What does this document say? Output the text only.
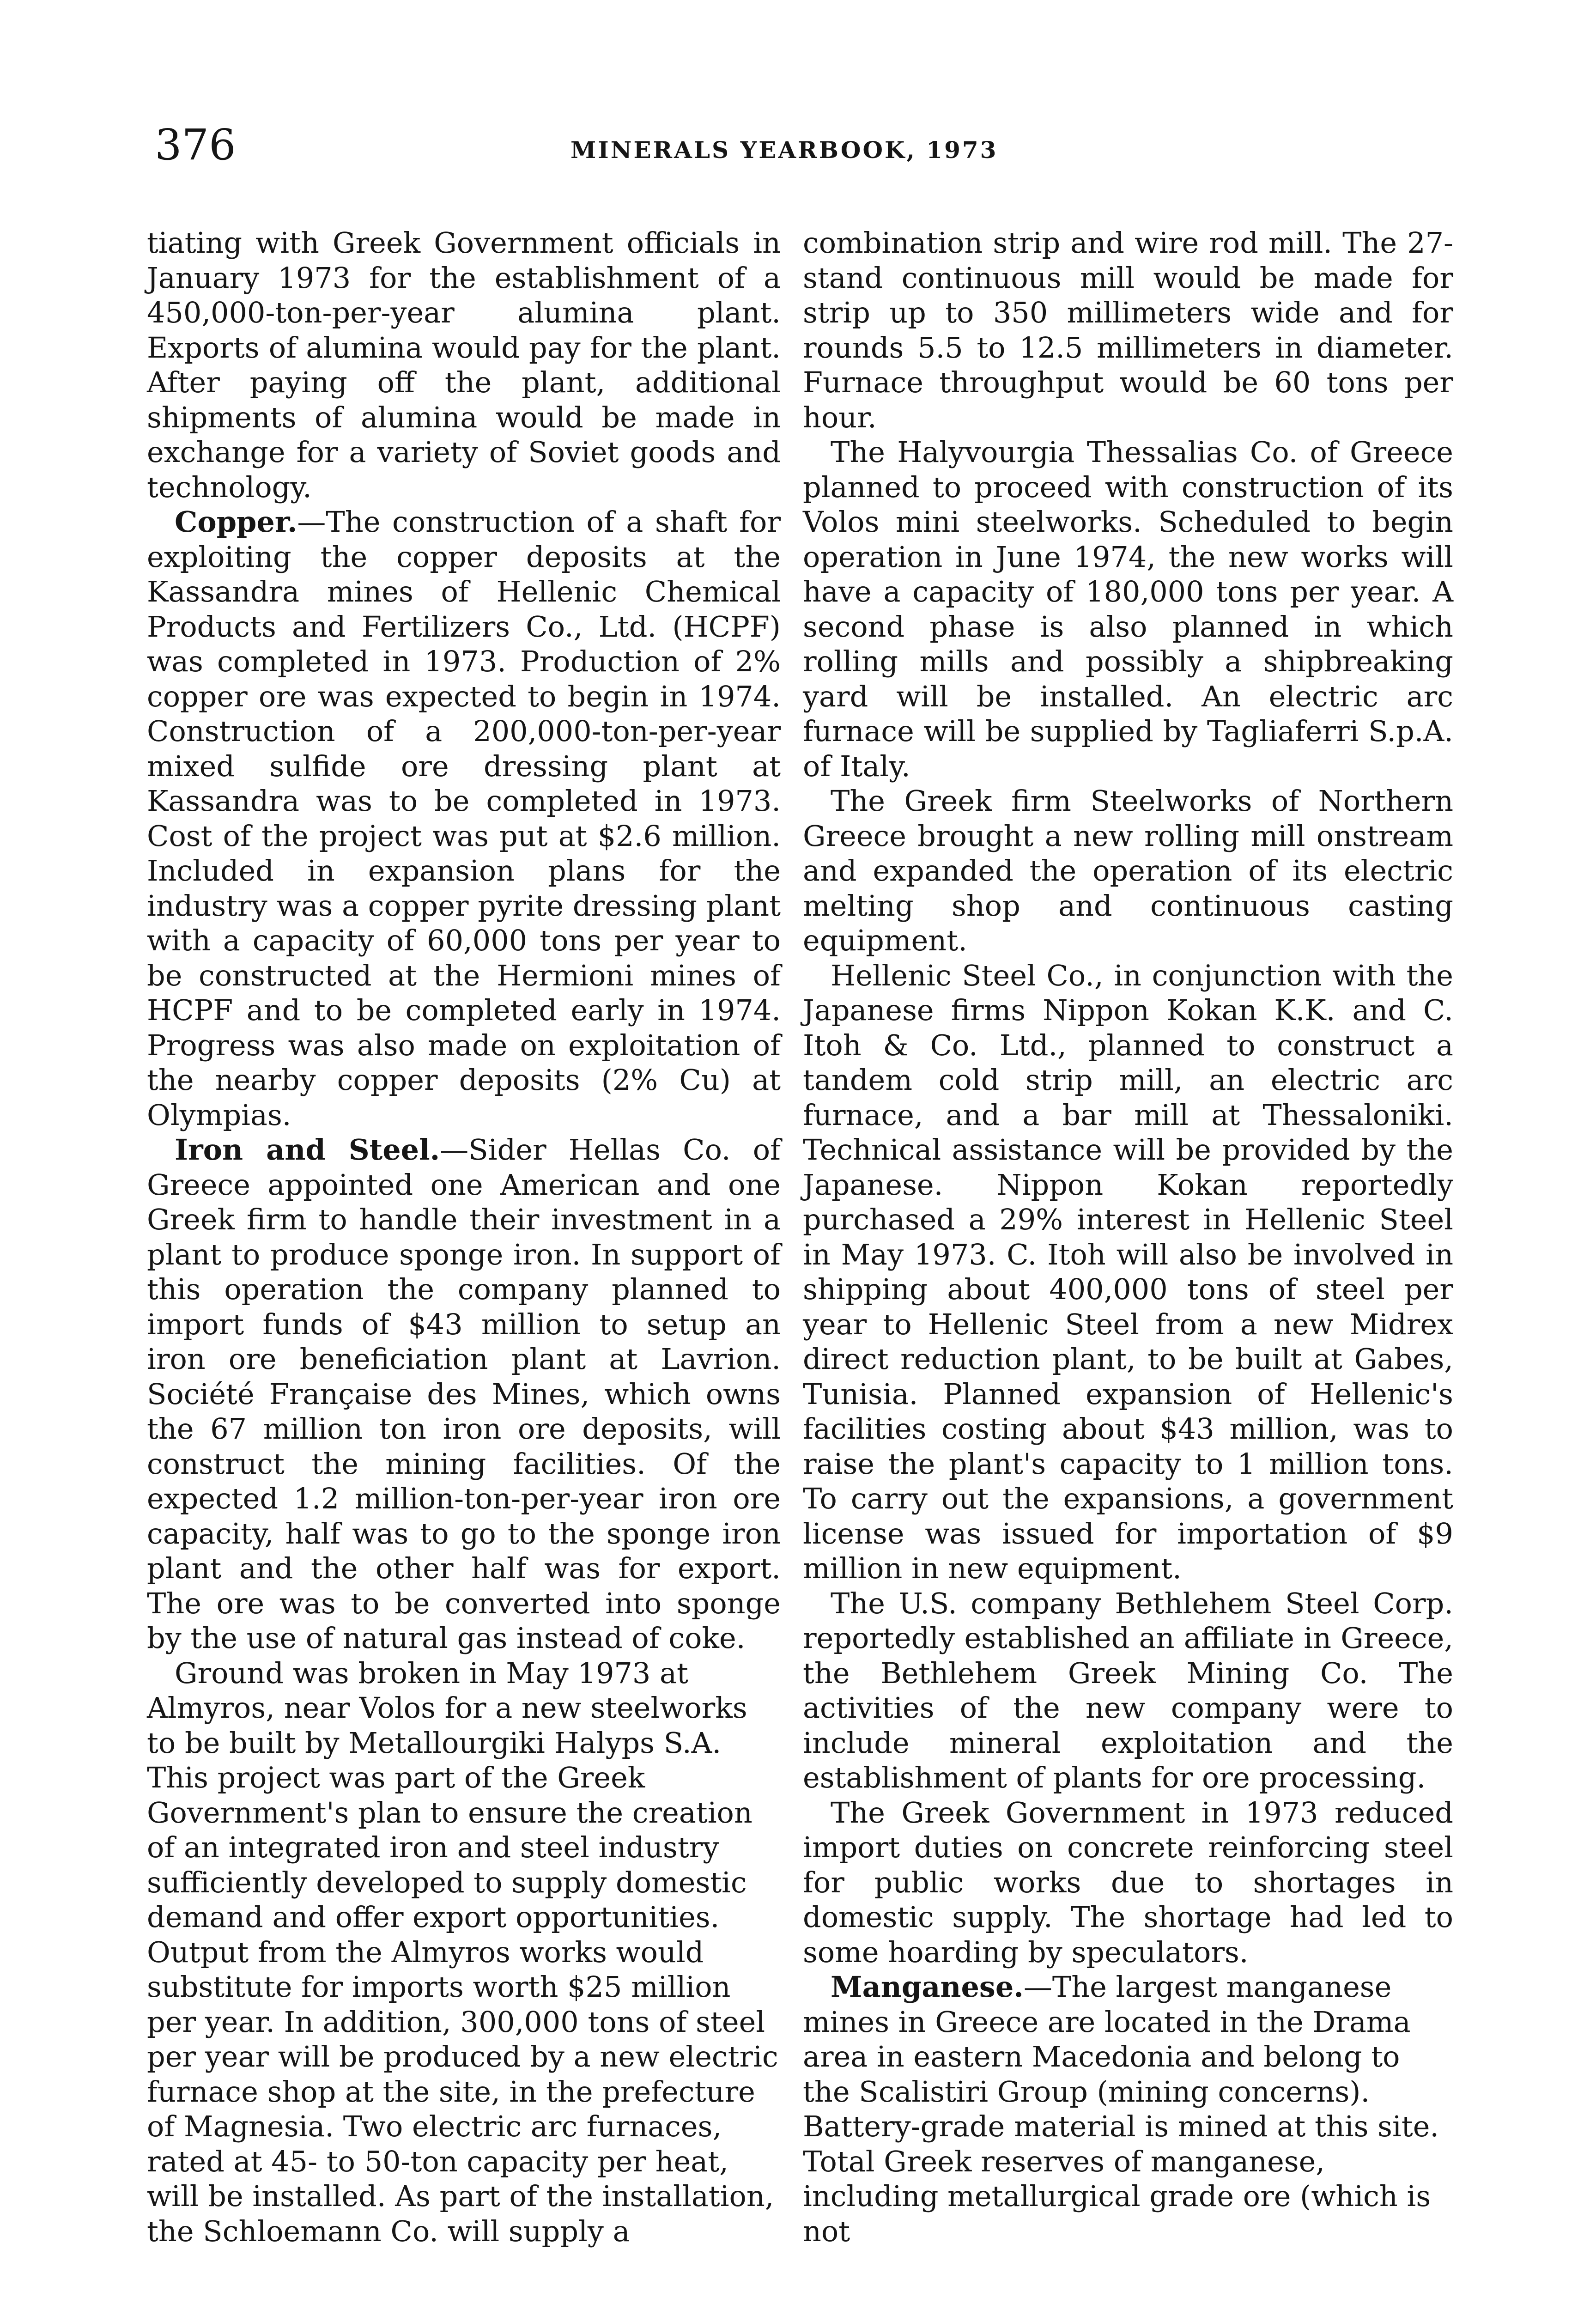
376	MINERALS YEARBOOK, 1973

tiating with Greek Government officials in January 1973 for the establishment of a 450,000-ton-per-year alumina plant. Exports of alumina would pay for the plant. After paying off the plant, additional shipments of alumina would be made in exchange for a variety of Soviet goods and technology.

Copper.—The construction of a shaft for exploiting the copper deposits at the Kassandra mines of Hellenic Chemical Products and Fertilizers Co., Ltd. (HCPF) was completed in 1973. Production of 2% copper ore was expected to begin in 1974. Construction of a 200,000-ton-per-year mixed sulfide ore dressing plant at Kassandra was to be completed in 1973. Cost of the project was put at $2.6 million. Included in expansion plans for the industry was a copper pyrite dressing plant with a capacity of 60,000 tons per year to be constructed at the Hermioni mines of HCPF and to be completed early in 1974. Progress was also made on exploitation of the nearby copper deposits (2% Cu) at Olympias.

Iron and Steel.—Sider Hellas Co. of Greece appointed one American and one Greek firm to handle their investment in a plant to produce sponge iron. In support of this operation the company planned to import funds of $43 million to setup an iron ore beneficiation plant at Lavrion. Société Française des Mines, which owns the 67 million ton iron ore deposits, will construct the mining facilities. Of the expected 1.2 million-ton-per-year iron ore capacity, half was to go to the sponge iron plant and the other half was for export. The ore was to be converted into sponge by the use of natural gas instead of coke.

Ground was broken in May 1973 at Almyros, near Volos for a new steelworks to be built by Metallourgiki Halyps S.A. This project was part of the Greek Government's plan to ensure the creation of an integrated iron and steel industry sufficiently developed to supply domestic demand and offer export opportunities. Output from the Almyros works would substitute for imports worth $25 million per year. In addition, 300,000 tons of steel per year will be produced by a new electric furnace shop at the site, in the prefecture of Magnesia. Two electric arc furnaces, rated at 45- to 50-ton capacity per heat, will be installed. As part of the installation, the Schloemann Co. will supply a

combination strip and wire rod mill. The 27-stand continuous mill would be made for strip up to 350 millimeters wide and for rounds 5.5 to 12.5 millimeters in diameter. Furnace throughput would be 60 tons per hour.

The Halyvourgia Thessalias Co. of Greece planned to proceed with construction of its Volos mini steelworks. Scheduled to begin operation in June 1974, the new works will have a capacity of 180,000 tons per year. A second phase is also planned in which rolling mills and possibly a shipbreaking yard will be installed. An electric arc furnace will be supplied by Tagliaferri S.p.A. of Italy.

The Greek firm Steelworks of Northern Greece brought a new rolling mill onstream and expanded the operation of its electric melting shop and continuous casting equipment.

Hellenic Steel Co., in conjunction with the Japanese firms Nippon Kokan K.K. and C. Itoh & Co. Ltd., planned to construct a tandem cold strip mill, an electric arc furnace, and a bar mill at Thessaloniki. Technical assistance will be provided by the Japanese. Nippon Kokan reportedly purchased a 29% interest in Hellenic Steel in May 1973. C. Itoh will also be involved in shipping about 400,000 tons of steel per year to Hellenic Steel from a new Midrex direct reduction plant, to be built at Gabes, Tunisia. Planned expansion of Hellenic's facilities costing about $43 million, was to raise the plant's capacity to 1 million tons. To carry out the expansions, a government license was issued for importation of $9 million in new equipment.

The U.S. company Bethlehem Steel Corp. reportedly established an affiliate in Greece, the Bethlehem Greek Mining Co. The activities of the new company were to include mineral exploitation and the establishment of plants for ore processing.

The Greek Government in 1973 reduced import duties on concrete reinforcing steel for public works due to shortages in domestic supply. The shortage had led to some hoarding by speculators.

Manganese.—The largest manganese mines in Greece are located in the Drama area in eastern Macedonia and belong to the Scalistiri Group (mining concerns). Battery-grade material is mined at this site. Total Greek reserves of manganese, including metallurgical grade ore (which is not
